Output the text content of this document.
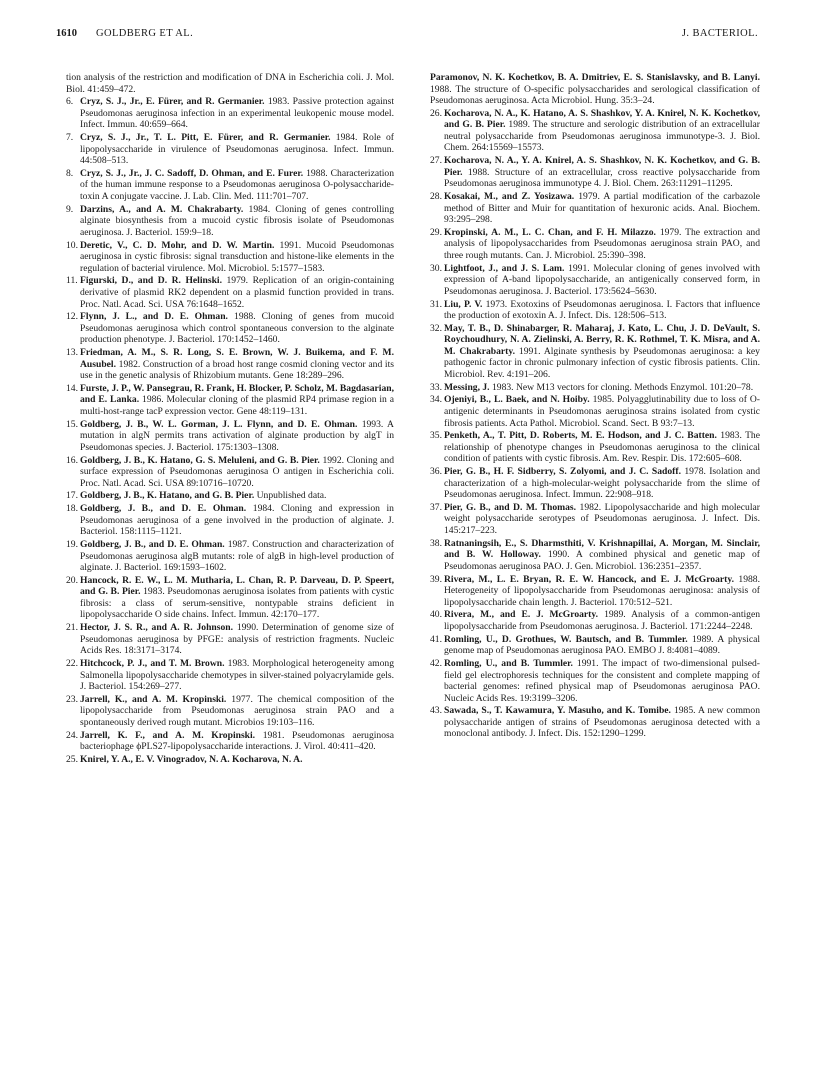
1610 GOLDBERG ET AL.	J. BACTERIOL.

tion analysis of the restriction and modification of DNA in Escherichia coli. J. Mol. Biol. 41:459–472.

6. Cryz, S. J., Jr., E. Fürer, and R. Germanier. 1983. Passive protection against Pseudomonas aeruginosa infection in an experimental leukopenic mouse model. Infect. Immun. 40:659–664.

7. Cryz, S. J., Jr., T. L. Pitt, E. Fürer, and R. Germanier. 1984. Role of lipopolysaccharide in virulence of Pseudomonas aeruginosa. Infect. Immun. 44:508–513.

8. Cryz, S. J., Jr., J. C. Sadoff, D. Ohman, and E. Furer. 1988. Characterization of the human immune response to a Pseudomonas aeruginosa O-polysaccharide-toxin A conjugate vaccine. J. Lab. Clin. Med. 111:701–707.

9. Darzins, A., and A. M. Chakrabarty. 1984. Cloning of genes controlling alginate biosynthesis from a mucoid cystic fibrosis isolate of Pseudomonas aeruginosa. J. Bacteriol. 159:9–18.

10. Deretic, V., C. D. Mohr, and D. W. Martin. 1991. Mucoid Pseudomonas aeruginosa in cystic fibrosis: signal transduction and histone-like elements in the regulation of bacterial virulence. Mol. Microbiol. 5:1577–1583.

11. Figurski, D., and D. R. Helinski. 1979. Replication of an origin-containing derivative of plasmid RK2 dependent on a plasmid function provided in trans. Proc. Natl. Acad. Sci. USA 76:1648–1652.

12. Flynn, J. L., and D. E. Ohman. 1988. Cloning of genes from mucoid Pseudomonas aeruginosa which control spontaneous conversion to the alginate production phenotype. J. Bacteriol. 170:1452–1460.

13. Friedman, A. M., S. R. Long, S. E. Brown, W. J. Buikema, and F. M. Ausubel. 1982. Construction of a broad host range cosmid cloning vector and its use in the genetic analysis of Rhizobium mutants. Gene 18:289–296.

14. Furste, J. P., W. Pansegrau, R. Frank, H. Blocker, P. Scholz, M. Bagdasarian, and E. Lanka. 1986. Molecular cloning of the plasmid RP4 primase region in a multi-host-range tacP expression vector. Gene 48:119–131.

15. Goldberg, J. B., W. L. Gorman, J. L. Flynn, and D. E. Ohman. 1993. A mutation in algN permits trans activation of alginate production by algT in Pseudomonas species. J. Bacteriol. 175:1303–1308.

16. Goldberg, J. B., K. Hatano, G. S. Meluleni, and G. B. Pier. 1992. Cloning and surface expression of Pseudomonas aeruginosa O antigen in Escherichia coli. Proc. Natl. Acad. Sci. USA 89:10716–10720.

17. Goldberg, J. B., K. Hatano, and G. B. Pier. Unpublished data.

18. Goldberg, J. B., and D. E. Ohman. 1984. Cloning and expression in Pseudomonas aeruginosa of a gene involved in the production of alginate. J. Bacteriol. 158:1115–1121.

19. Goldberg, J. B., and D. E. Ohman. 1987. Construction and characterization of Pseudomonas aeruginosa algB mutants: role of algB in high-level production of alginate. J. Bacteriol. 169:1593–1602.

20. Hancock, R. E. W., L. M. Mutharia, L. Chan, R. P. Darveau, D. P. Speert, and G. B. Pier. 1983. Pseudomonas aeruginosa isolates from patients with cystic fibrosis: a class of serum-sensitive, nontypable strains deficient in lipopolysaccharide O side chains. Infect. Immun. 42:170–177.

21. Hector, J. S. R., and A. R. Johnson. 1990. Determination of genome size of Pseudomonas aeruginosa by PFGE: analysis of restriction fragments. Nucleic Acids Res. 18:3171–3174.

22. Hitchcock, P. J., and T. M. Brown. 1983. Morphological heterogeneity among Salmonella lipopolysaccharide chemotypes in silver-stained polyacrylamide gels. J. Bacteriol. 154:269–277.

23. Jarrell, K., and A. M. Kropinski. 1977. The chemical composition of the lipopolysaccharide from Pseudomonas aeruginosa strain PAO and a spontaneously derived rough mutant. Microbios 19:103–116.

24. Jarrell, K. F., and A. M. Kropinski. 1981. Pseudomonas aeruginosa bacteriophage ϕPLS27-lipopolysaccharide interactions. J. Virol. 40:411–420.

25. Knirel, Y. A., E. V. Vinogradov, N. A. Kocharova, N. A.

Paramonov, N. K. Kochetkov, B. A. Dmitriev, E. S. Stanislavsky, and B. Lanyi. 1988. The structure of O-specific polysaccharides and serological classification of Pseudomonas aeruginosa. Acta Microbiol. Hung. 35:3–24.

26. Kocharova, N. A., K. Hatano, A. S. Shashkov, Y. A. Knirel, N. K. Kochetkov, and G. B. Pier. 1989. The structure and serologic distribution of an extracellular neutral polysaccharide from Pseudomonas aeruginosa immunotype-3. J. Biol. Chem. 264:15569–15573.

27. Kocharova, N. A., Y. A. Knirel, A. S. Shashkov, N. K. Kochetkov, and G. B. Pier. 1988. Structure of an extracellular, cross reactive polysaccharide from Pseudomonas aeruginosa immunotype 4. J. Biol. Chem. 263:11291–11295.

28. Kosakai, M., and Z. Yosizawa. 1979. A partial modification of the carbazole method of Bitter and Muir for quantitation of hexuronic acids. Anal. Biochem. 93:295–298.

29. Kropinski, A. M., L. C. Chan, and F. H. Milazzo. 1979. The extraction and analysis of lipopolysaccharides from Pseudomonas aeruginosa strain PAO, and three rough mutants. Can. J. Microbiol. 25:390–398.

30. Lightfoot, J., and J. S. Lam. 1991. Molecular cloning of genes involved with expression of A-band lipopolysaccharide, an antigenically conserved form, in Pseudomonas aeruginosa. J. Bacteriol. 173:5624–5630.

31. Liu, P. V. 1973. Exotoxins of Pseudomonas aeruginosa. I. Factors that influence the production of exotoxin A. J. Infect. Dis. 128:506–513.

32. May, T. B., D. Shinabarger, R. Maharaj, J. Kato, L. Chu, J. D. DeVault, S. Roychoudhury, N. A. Zielinski, A. Berry, R. K. Rothmel, T. K. Misra, and A. M. Chakrabarty. 1991. Alginate synthesis by Pseudomonas aeruginosa: a key pathogenic factor in chronic pulmonary infection of cystic fibrosis patients. Clin. Microbiol. Rev. 4:191–206.

33. Messing, J. 1983. New M13 vectors for cloning. Methods Enzymol. 101:20–78.

34. Ojeniyi, B., L. Baek, and N. Hoiby. 1985. Polyagglutinability due to loss of O-antigenic determinants in Pseudomonas aeruginosa strains isolated from cystic fibrosis patients. Acta Pathol. Microbiol. Scand. Sect. B 93:7–13.

35. Penketh, A., T. Pitt, D. Roberts, M. E. Hodson, and J. C. Batten. 1983. The relationship of phenotype changes in Pseudomonas aeruginosa to the clinical condition of patients with cystic fibrosis. Am. Rev. Respir. Dis. 172:605–608.

36. Pier, G. B., H. F. Sidberry, S. Zolyomi, and J. C. Sadoff. 1978. Isolation and characterization of a high-molecular-weight polysaccharide from the slime of Pseudomonas aeruginosa. Infect. Immun. 22:908–918.

37. Pier, G. B., and D. M. Thomas. 1982. Lipopolysaccharide and high molecular weight polysaccharide serotypes of Pseudomonas aeruginosa. J. Infect. Dis. 145:217–223.

38. Ratnaningsih, E., S. Dharmsthiti, V. Krishnapillai, A. Morgan, M. Sinclair, and B. W. Holloway. 1990. A combined physical and genetic map of Pseudomonas aeruginosa PAO. J. Gen. Microbiol. 136:2351–2357.

39. Rivera, M., L. E. Bryan, R. E. W. Hancock, and E. J. McGroarty. 1988. Heterogeneity of lipopolysaccharide from Pseudomonas aeruginosa: analysis of lipopolysaccharide chain length. J. Bacteriol. 170:512–521.

40. Rivera, M., and E. J. McGroarty. 1989. Analysis of a common-antigen lipopolysaccharide from Pseudomonas aeruginosa. J. Bacteriol. 171:2244–2248.

41. Romling, U., D. Grothues, W. Bautsch, and B. Tummler. 1989. A physical genome map of Pseudomonas aeruginosa PAO. EMBO J. 8:4081–4089.

42. Romling, U., and B. Tummler. 1991. The impact of two-dimensional pulsed-field gel electrophoresis techniques for the consistent and complete mapping of bacterial genomes: refined physical map of Pseudomonas aeruginosa PAO. Nucleic Acids Res. 19:3199–3206.

43. Sawada, S., T. Kawamura, Y. Masuho, and K. Tomibe. 1985. A new common polysaccharide antigen of strains of Pseudomonas aeruginosa detected with a monoclonal antibody. J. Infect. Dis. 152:1290–1299.
